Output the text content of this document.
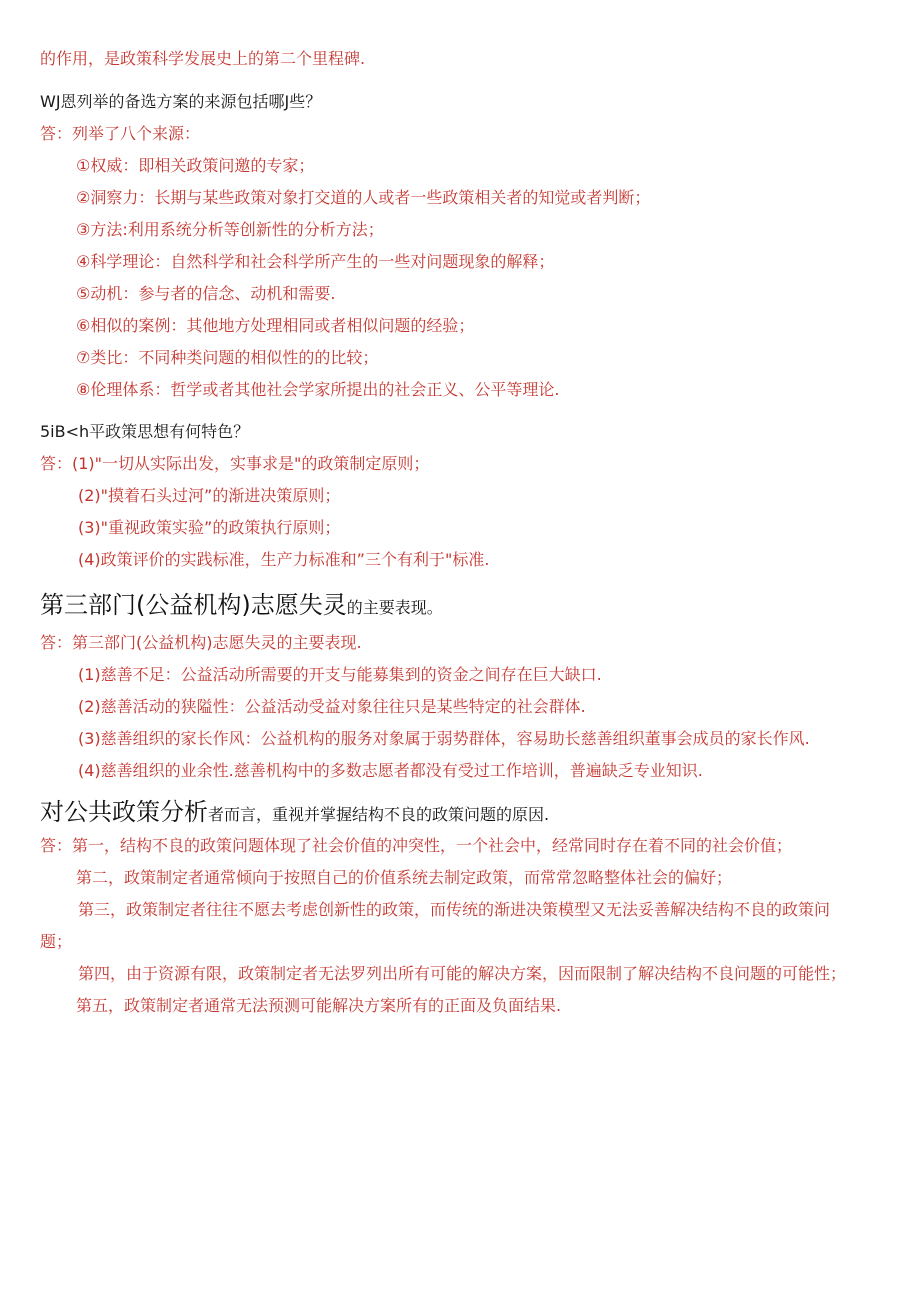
的作用，是政策科学发展史上的第二个里程碑.
WJ恩列举的备选方案的来源包括哪J些？
答：列举了八个来源：
①权威：即相关政策问邀的专家；
②洞察力：长期与某些政策对象打交道的人或者一些政策相关者的知觉或者判断；
③方法:利用系统分析等创新性的分析方法；
④科学理论：自然科学和社会科学所产生的一些对问题现象的解释；
⑤动机：参与者的信念、动机和需要.
⑥相似的案例：其他地方处理相同或者相似问题的经验；
⑦类比：不同种类问题的相似性的的比较；
⑧伦理体系：哲学或者其他社会学家所提出的社会正义、公平等理论.
5iB<h平政策思想有何特色？
答：(1)"一切从实际出发，实事求是"的政策制定原则；
(2)"摸着石头过河”的渐进决策原则；
(3)"重视政策实验”的政策执行原则；
(4)政策评价的实践标准，生产力标准和”三个有利于"标准.
第三部门(公益机构)志愿失灵的主要表现。
答：第三部门(公益机构)志愿失灵的主要表现.
(1)慈善不足：公益活动所需要的开支与能募集到的资金之间存在巨大缺口.
(2)慈善活动的狭隘性：公益活动受益对象往往只是某些特定的社会群体.
(3)慈善组织的家长作风：公益机构的服务对象属于弱势群体，容易助长慈善组织董事会成员的家长作风.
(4)慈善组织的业余性.慈善机构中的多数志愿者都没有受过工作培训，普遍缺乏专业知识.
对公共政策分析者而言，重视并掌握结构不良的政策问题的原因.
答：第一，结构不良的政策问题体现了社会价值的冲突性，一个社会中，经常同时存在着不同的社会价值；
第二，政策制定者通常倾向于按照自己的价值系统去制定政策，而常常忽略整体社会的偏好；
第三，政策制定者往往不愿去考虑创新性的政策，而传统的渐进决策模型又无法妥善解决结构不良的政策问
题；
第四，由于资源有限，政策制定者无法罗列出所有可能的解决方案，因而限制了解决结构不良问题的可能性；
第五，政策制定者通常无法预测可能解决方案所有的正面及负面结果.
